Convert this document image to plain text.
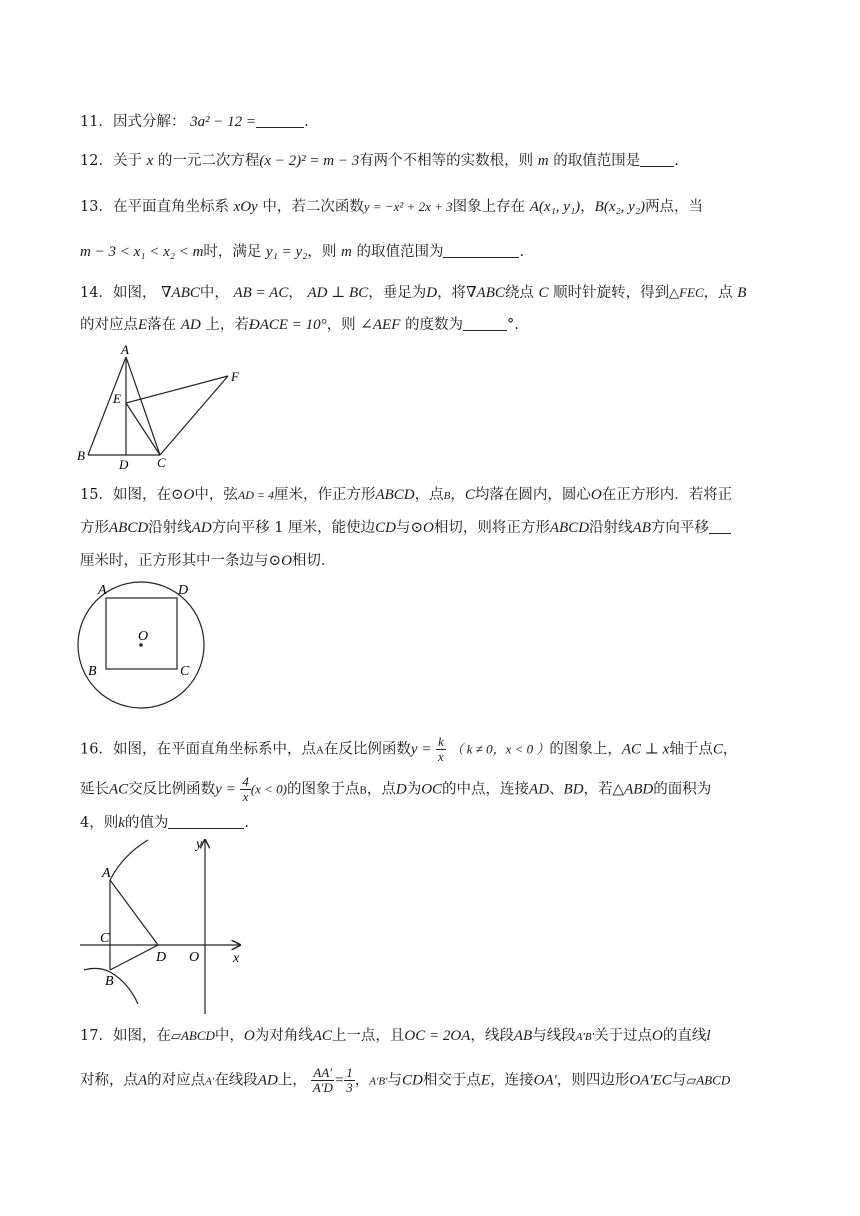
11．因式分解： 3a² − 12 =	.
12．关于 x 的一元二次方程(x − 2)² = m − 3有两个不相等的实数根，则 m 的取值范围是 .
13．在平面直角坐标系 xOy 中，若二次函数y = −x² + 2x + 3图象上存在 A(x₁, y₁)，B(x₂, y₂)两点，当
m − 3 < x₁ < x₂ < m时，满足 y₁ = y₂，则 m 的取值范围为	.
14．如图， ∇ABC中， AB = AC， AD ⊥ BC，垂足为D，将∇ABC绕点 C 顺时针旋转，得到△FEC，点 B
的对应点E落在 AD 上，若ÐACE = 10°，则 ∠AEF 的度数为	°.
A
B	C
D
E
F
15．如图，在⊙O中，弦AD = 4厘米，作正方形ABCD，点B，C均落在圆内，圆心O在正方形内．若将正
方形ABCD沿射线AD方向平移 1 厘米，能使边CD与⊙O相切，则将正方形ABCD沿射线AB方向平移
厘米时，正方形其中一条边与⊙O相切．
A	D
B	C
O
16．如图，在平面直角坐标系中，点A在反比例函数$y = \frac{k}{x}$ （ k ≠ 0，x < 0 ）的图象上，AC ⊥ x轴于点C，
延长AC交反比例函数$y = \frac{4}{x} (x < 0)$的图象于点B，点D为OC的中点，连接AD、BD，若△ABD的面积为
4，则k的值为	.
A
C
B
D O x
y
17．如图，在▱ABCD中，O为对角线AC上一点，且OC = 2OA，线段AB与线段A′B′关于过点O的直线l
对称，点A的对应点A′在线段AD上， $\frac{AA'}{A'D} = \frac{1}{3}$ ，A′B′与CD相交于点E，连接OA′，则四边形OA′EC与▱ABCD
